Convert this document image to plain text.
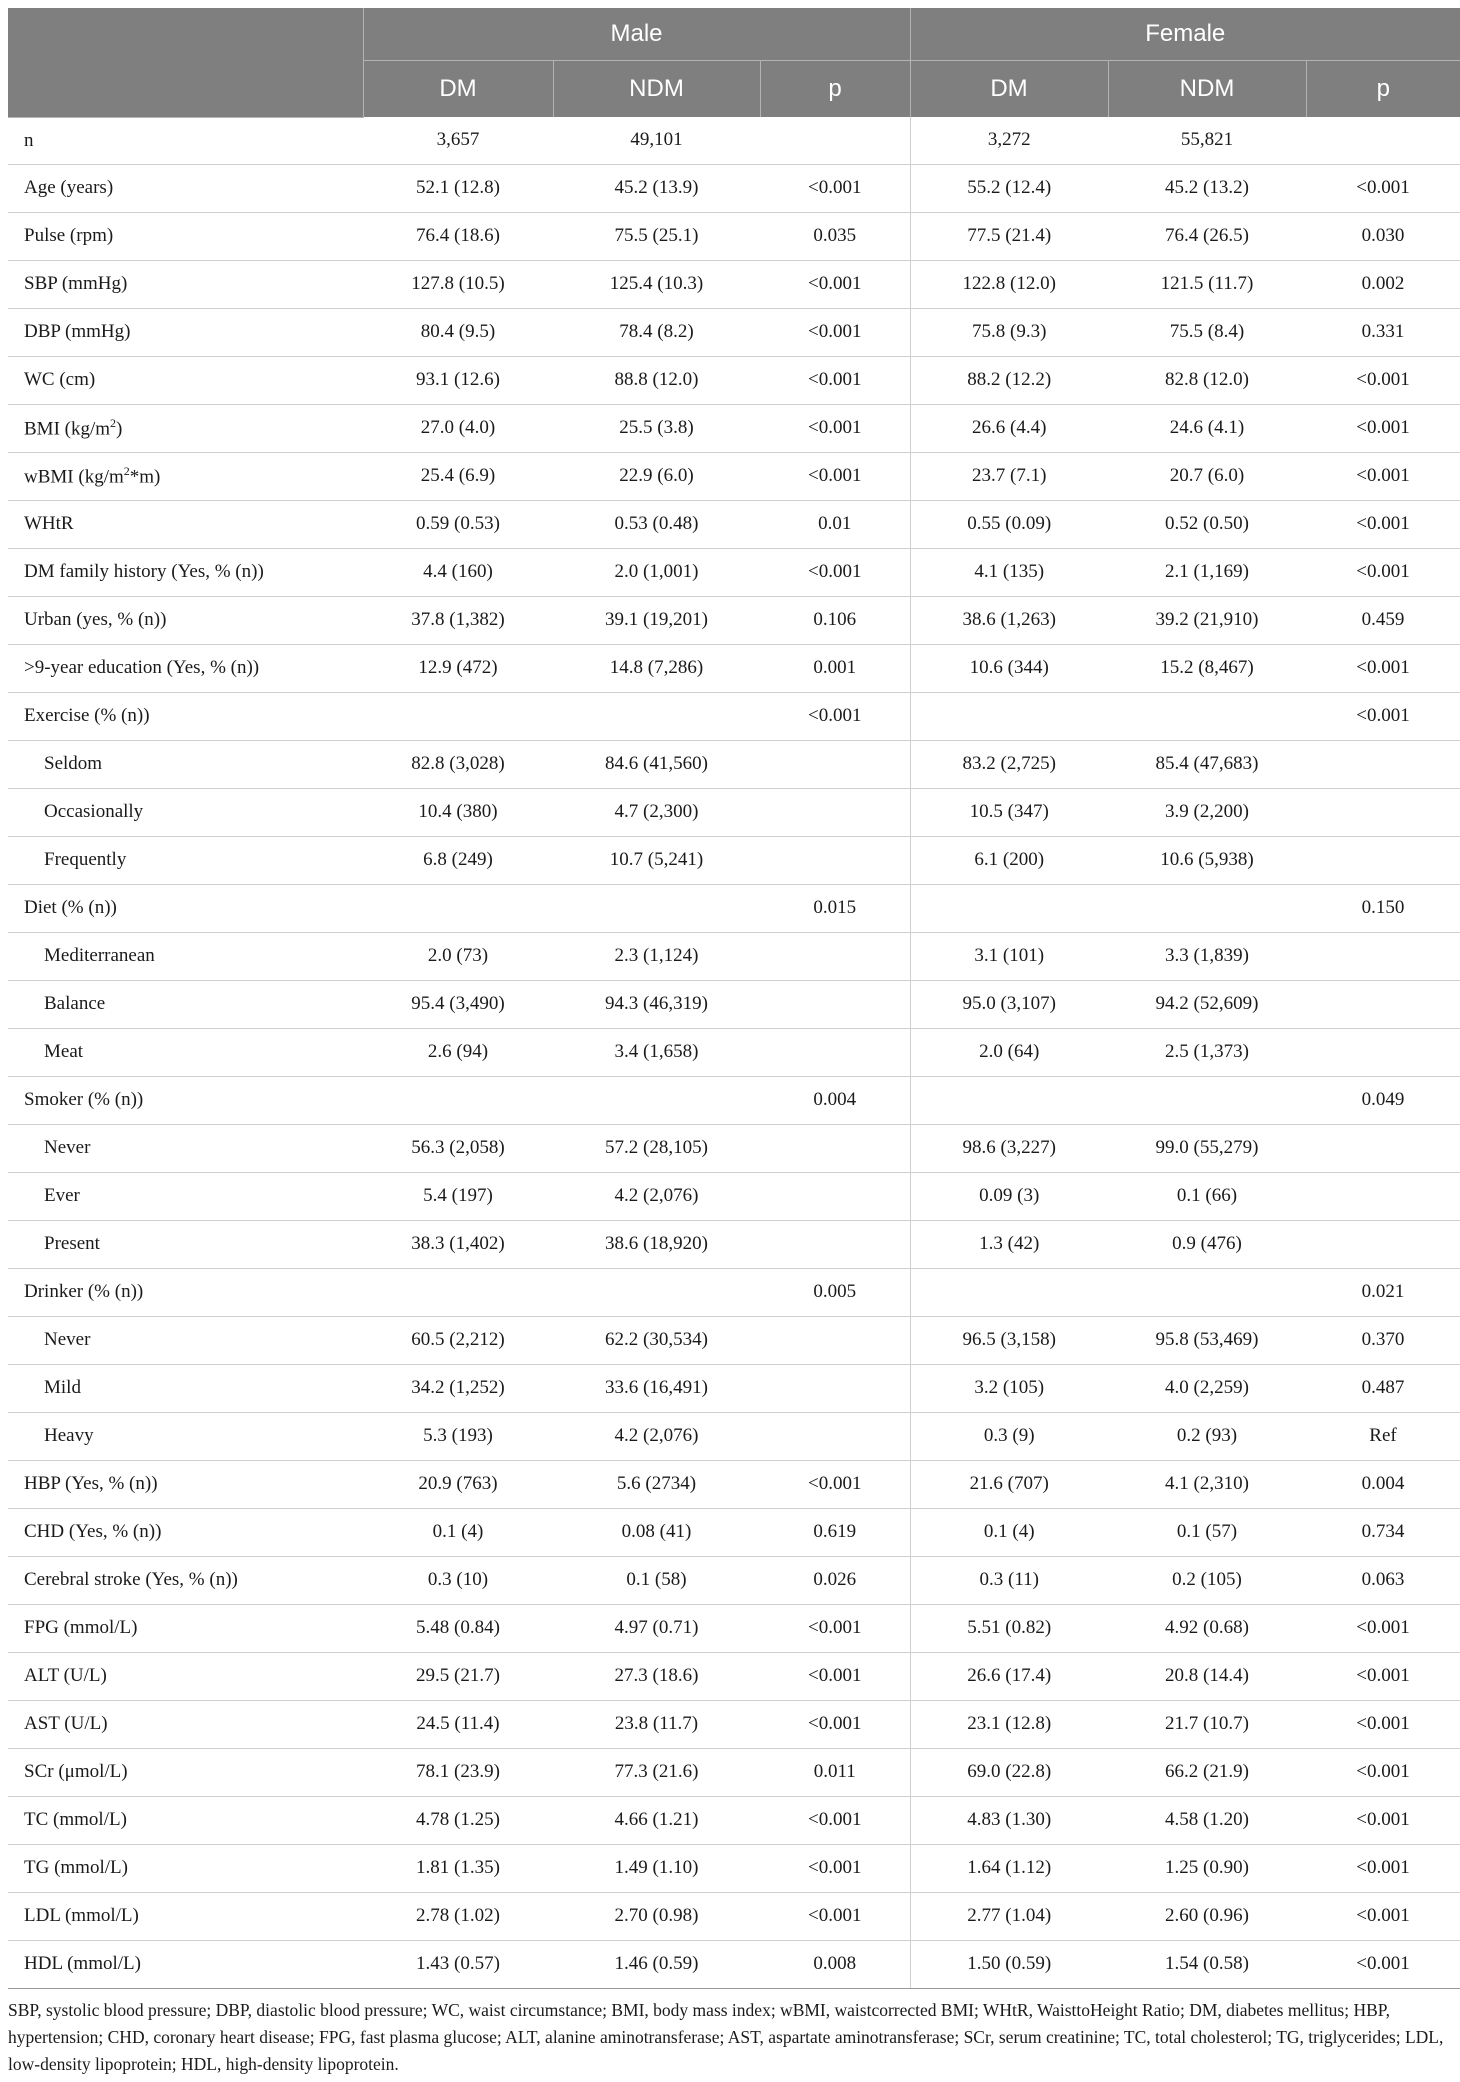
	Male			Female		
	DM	NDM	p	DM	NDM	p
n	3,657	49,101		3,272	55,821	
Age (years)	52.1 (12.8)	45.2 (13.9)	<0.001	55.2 (12.4)	45.2 (13.2)	<0.001
Pulse (rpm)	76.4 (18.6)	75.5 (25.1)	0.035	77.5 (21.4)	76.4 (26.5)	0.030
SBP (mmHg)	127.8 (10.5)	125.4 (10.3)	<0.001	122.8 (12.0)	121.5 (11.7)	0.002
DBP (mmHg)	80.4 (9.5)	78.4 (8.2)	<0.001	75.8 (9.3)	75.5 (8.4)	0.331
WC (cm)	93.1 (12.6)	88.8 (12.0)	<0.001	88.2 (12.2)	82.8 (12.0)	<0.001
BMI $(kg/m^2)$	27.0 (4.0)	25.5 (3.8)	<0.001	26.6 (4.4)	24.6 (4.1)	<0.001
wBMI $(kg/m^2*m)$	25.4 (6.9)	22.9 (6.0)	<0.001	23.7 (7.1)	20.7 (6.0)	<0.001
WHtR	0.59 (0.53)	0.53 (0.48)	0.01	0.55 (0.09)	0.52 (0.50)	<0.001
DM family history (Yes, % (n))	4.4 (160)	2.0 (1,001)	<0.001	4.1 (135)	2.1 (1,169)	<0.001
Urban (yes, % (n))	37.8 (1,382)	39.1 (19,201)	0.106	38.6 (1,263)	39.2 (21,910)	0.459
>9-year education (Yes, % (n))	12.9 (472)	14.8 (7,286)	0.001	10.6 (344)	15.2 (8,467)	<0.001
Exercise (% (n))			<0.001			<0.001
Seldom	82.8 (3,028)	84.6 (41,560)		83.2 (2,725)	85.4 (47,683)	
Occasionally	10.4 (380)	4.7 (2,300)		10.5 (347)	3.9 (2,200)	
Frequently	6.8 (249)	10.7 (5,241)		6.1 (200)	10.6 (5,938)	
Diet (% (n))			0.015			0.150
Mediterranean	2.0 (73)	2.3 (1,124)		3.1 (101)	3.3 (1,839)	
Balance	95.4 (3,490)	94.3 (46,319)		95.0 (3,107)	94.2 (52,609)	
Meat	2.6 (94)	3.4 (1,658)		2.0 (64)	2.5 (1,373)	
Smoker (% (n))			0.004			0.049
Never	56.3 (2,058)	57.2 (28,105)		98.6 (3,227)	99.0 (55,279)	
Ever	5.4 (197)	4.2 (2,076)		0.09 (3)	0.1 (66)	
Present	38.3 (1,402)	38.6 (18,920)		1.3 (42)	0.9 (476)	
Drinker (% (n))			0.005			0.021
Never	60.5 (2,212)	62.2 (30,534)		96.5 (3,158)	95.8 (53,469)	0.370
Mild	34.2 (1,252)	33.6 (16,491)		3.2 (105)	4.0 (2,259)	0.487
Heavy	5.3 (193)	4.2 (2,076)		0.3 (9)	0.2 (93)	Ref
HBP (Yes, % (n))	20.9 (763)	5.6 (2734)	<0.001	21.6 (707)	4.1 (2,310)	0.004
CHD (Yes, % (n))	0.1 (4)	0.08 (41)	0.619	0.1 (4)	0.1 (57)	0.734
Cerebral stroke (Yes, % (n))	0.3 (10)	0.1 (58)	0.026	0.3 (11)	0.2 (105)	0.063
FPG (mmol/L)	5.48 (0.84)	4.97 (0.71)	<0.001	5.51 (0.82)	4.92 (0.68)	<0.001
ALT (U/L)	29.5 (21.7)	27.3 (18.6)	<0.001	26.6 (17.4)	20.8 (14.4)	<0.001
AST (U/L)	24.5 (11.4)	23.8 (11.7)	<0.001	23.1 (12.8)	21.7 (10.7)	<0.001
SCr (μmol/L)	78.1 (23.9)	77.3 (21.6)	0.011	69.0 (22.8)	66.2 (21.9)	<0.001
TC (mmol/L)	4.78 (1.25)	4.66 (1.21)	<0.001	4.83 (1.30)	4.58 (1.20)	<0.001
TG (mmol/L)	1.81 (1.35)	1.49 (1.10)	<0.001	1.64 (1.12)	1.25 (0.90)	<0.001
LDL (mmol/L)	2.78 (1.02)	2.70 (0.98)	<0.001	2.77 (1.04)	2.60 (0.96)	<0.001
HDL (mmol/L)	1.43 (0.57)	1.46 (0.59)	0.008	1.50 (0.59)	1.54 (0.58)	<0.001
SBP, systolic blood pressure; DBP, diastolic blood pressure; WC, waist circumstance; BMI, body mass index; wBMI, waistcorrected BMI; WHtR, WaisttoHeight Ratio; DM, diabetes mellitus; HBP, hypertension; CHD, coronary heart disease; FPG, fast plasma glucose; ALT, alanine aminotransferase; AST, aspartate aminotransferase; SCr, serum creatinine; TC, total cholesterol; TG, triglycerides; LDL, low-density lipoprotein; HDL, high-density lipoprotein.
